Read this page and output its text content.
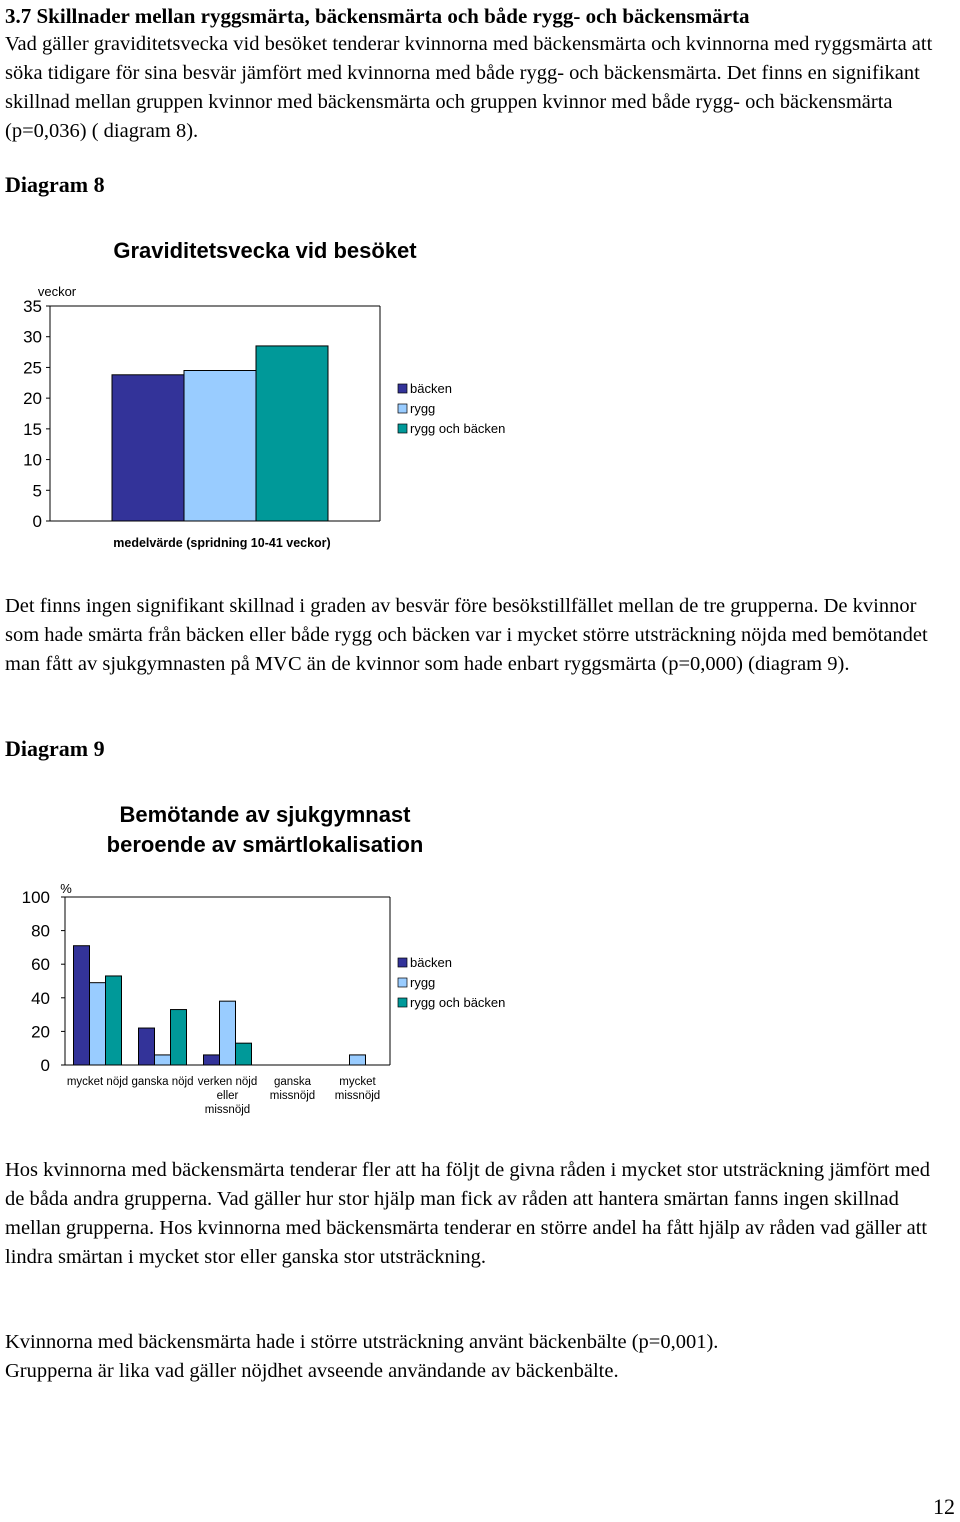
3.7 Skillnader mellan ryggsmärta, bäckensmärta och både rygg- och bäckensmärta

Vad gäller graviditetsvecka vid besöket tenderar kvinnorna med bäckensmärta och kvinnorna med ryggsmärta att söka tidigare för sina besvär jämfört med kvinnorna med både rygg- och bäckensmärta. Det finns en signifikant skillnad mellan gruppen kvinnor med bäckensmärta och gruppen kvinnor med både rygg- och bäckensmärta (p=0,036) ( diagram 8).

Diagram 8

Graviditetsvecka vid besöket
veckor
0
5
10
15
20
25
30
35
medelvärde (spridning 10-41 veckor)
bäcken
rygg
rygg och bäcken

Det finns ingen signifikant skillnad i graden av besvär före besökstillfället mellan de tre grupperna. De kvinnor som hade smärta från bäcken eller både rygg och bäcken var i mycket större utsträckning nöjda med bemötandet man fått av sjukgymnasten på MVC än de kvinnor som hade enbart ryggsmärta (p=0,000) (diagram 9).

Diagram 9

Bemötande av sjukgymnast
beroende av smärtlokalisation
%
0
20
40
60
80
100
mycket nöjd ganska nöjd verken nöjd
eller
missnöjd
ganska
missnöjd
mycket
missnöjd
bäcken
rygg
rygg och bäcken

Hos kvinnorna med bäckensmärta tenderar fler att ha följt de givna råden i mycket stor utsträckning jämfört med de båda andra grupperna. Vad gäller hur stor hjälp man fick av råden att hantera smärtan fanns ingen skillnad mellan grupperna. Hos kvinnorna med bäckensmärta tenderar en större andel ha fått hjälp av råden vad gäller att lindra smärtan i mycket stor eller ganska stor utsträckning.

Kvinnorna med bäckensmärta hade i större utsträckning använt bäckenbälte (p=0,001).

Grupperna är lika vad gäller nöjdhet avseende användande av bäckenbälte.

12
